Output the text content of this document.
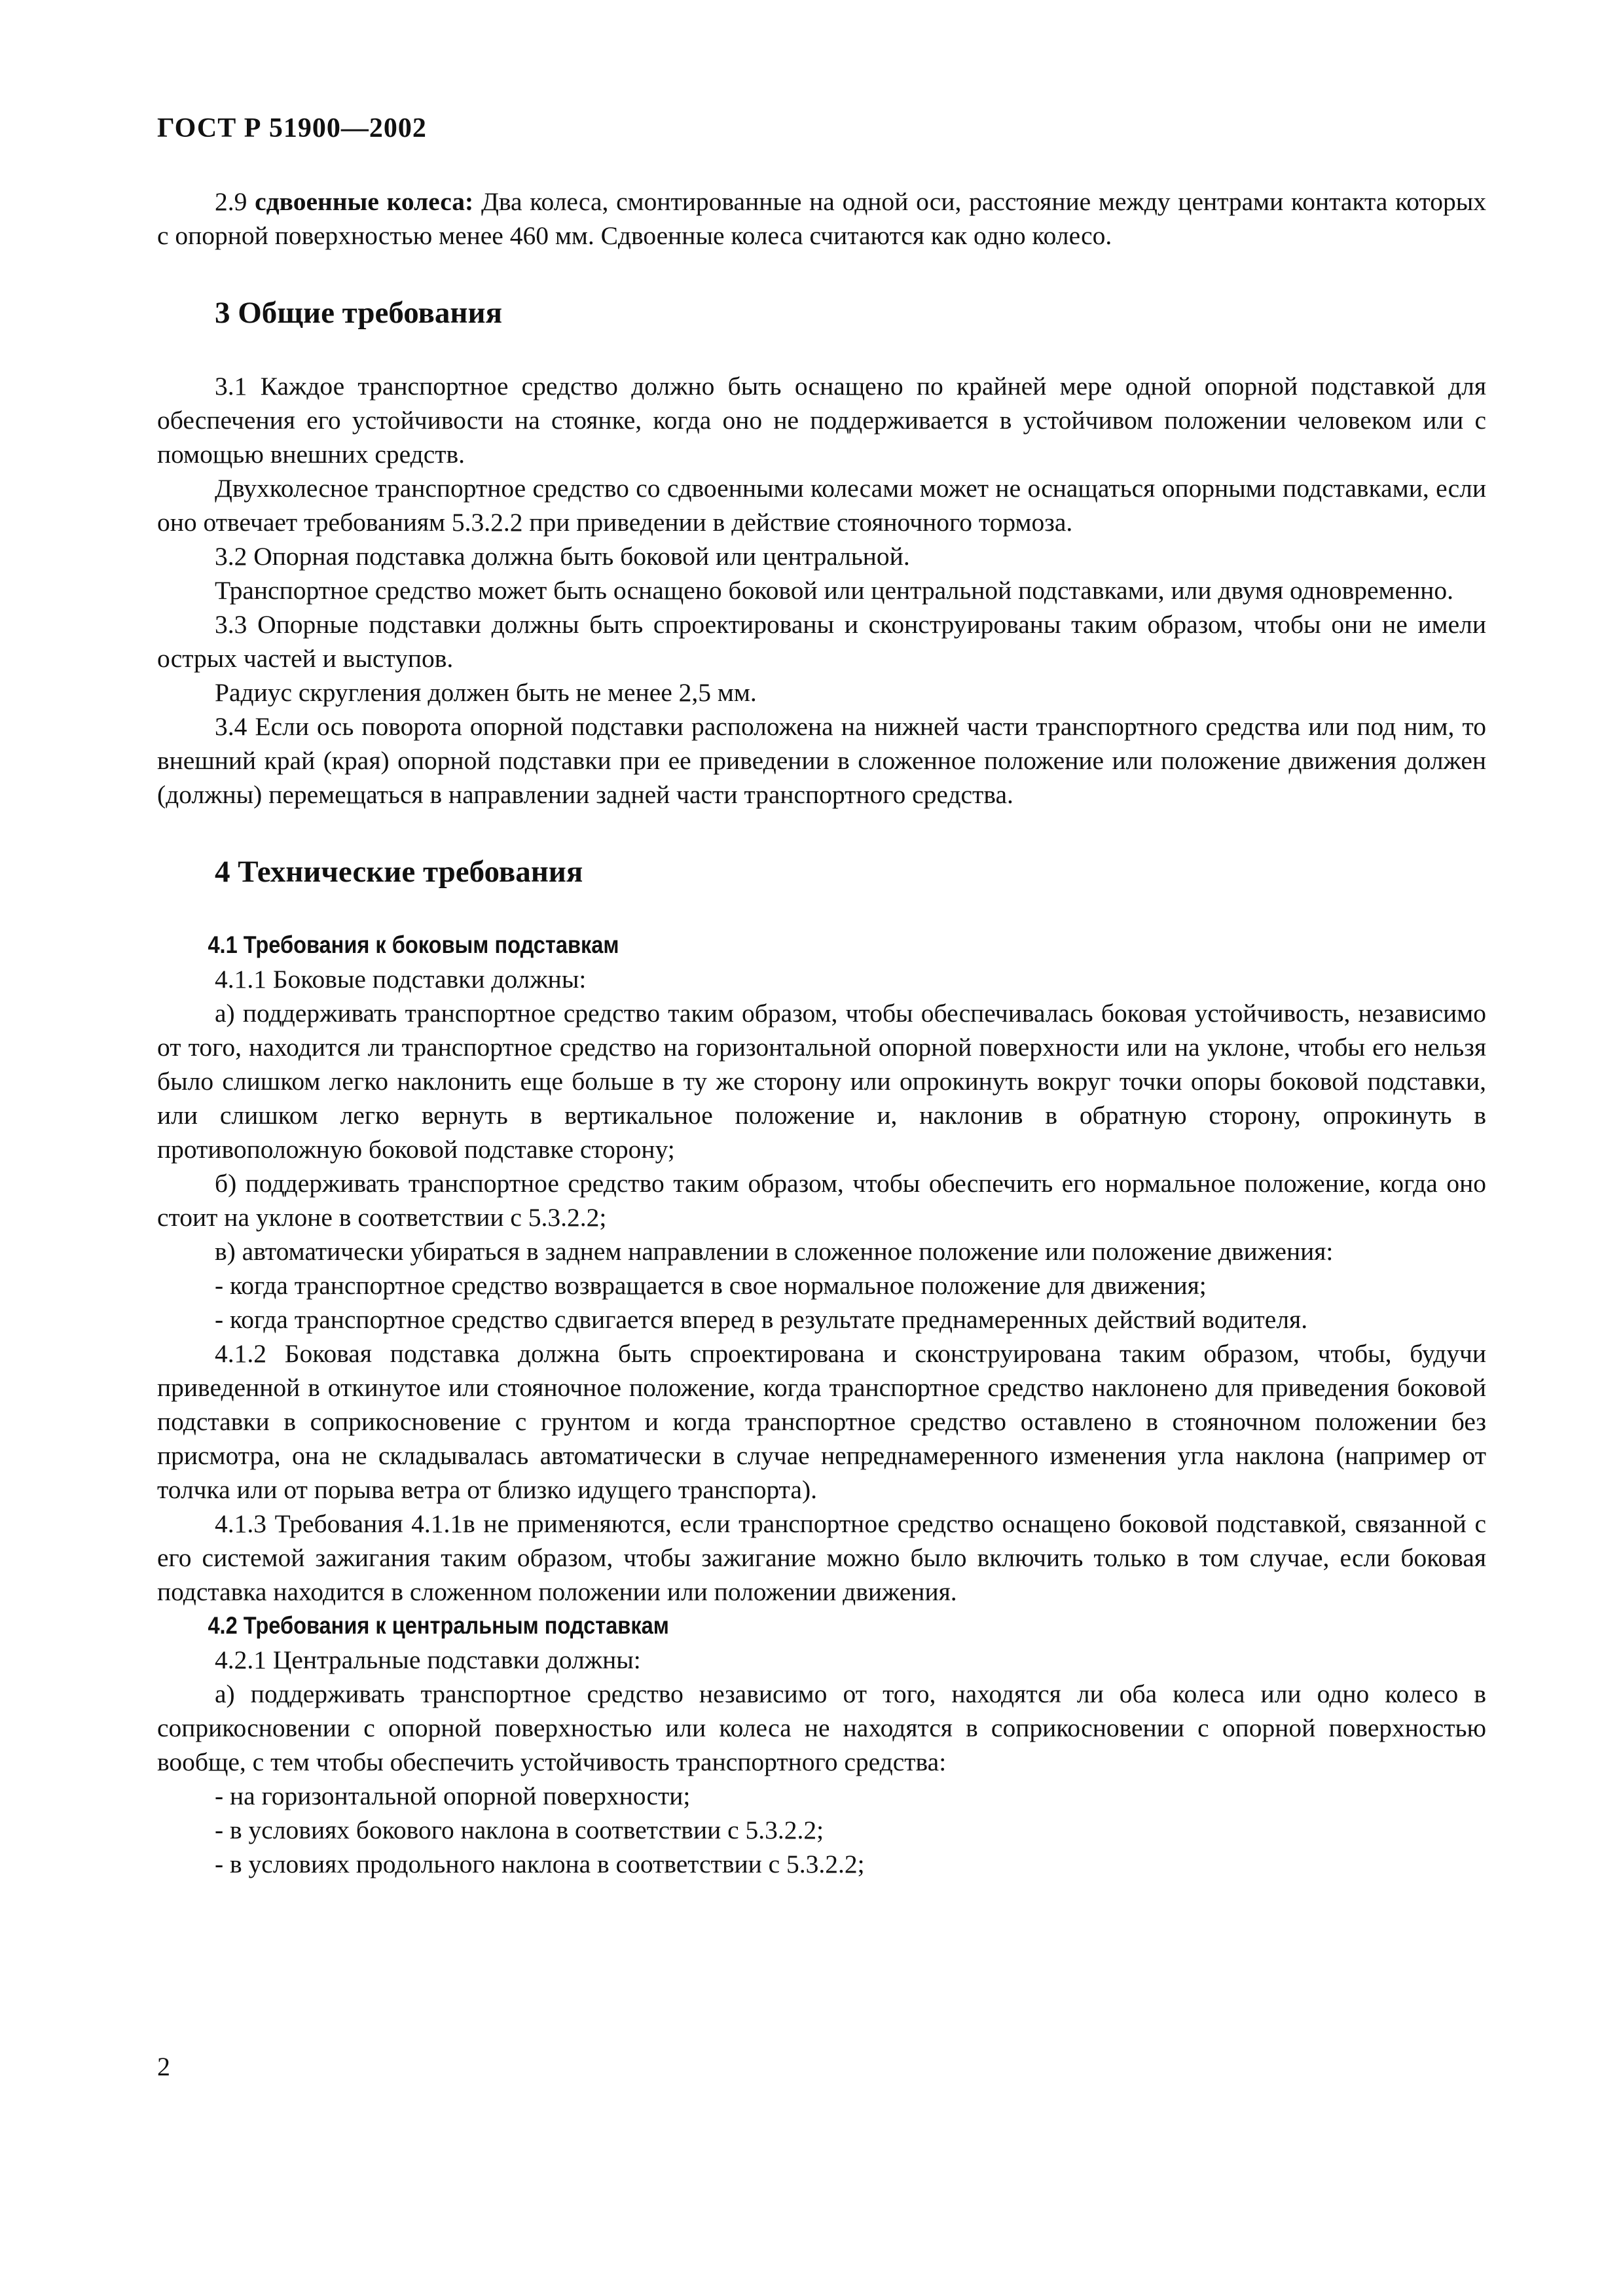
ГОСТ Р 51900—2002

2.9 сдвоенные колеса: Два колеса, смонтированные на одной оси, расстояние между центрами контакта которых с опорной поверхностью менее 460 мм. Сдвоенные колеса считаются как одно колесо.

3 Общие требования

3.1 Каждое транспортное средство должно быть оснащено по крайней мере одной опорной подставкой для обеспечения его устойчивости на стоянке, когда оно не поддерживается в устойчивом положении человеком или с помощью внешних средств.

Двухколесное транспортное средство со сдвоенными колесами может не оснащаться опорными подставками, если оно отвечает требованиям 5.3.2.2 при приведении в действие стояночного тормоза.

3.2 Опорная подставка должна быть боковой или центральной.

Транспортное средство может быть оснащено боковой или центральной подставками, или двумя одновременно.

3.3 Опорные подставки должны быть спроектированы и сконструированы таким образом, чтобы они не имели острых частей и выступов.

Радиус скругления должен быть не менее 2,5 мм.

3.4 Если ось поворота опорной подставки расположена на нижней части транспортного средства или под ним, то внешний край (края) опорной подставки при ее приведении в сложенное положение или положение движения должен (должны) перемещаться в направлении задней части транспортного средства.

4 Технические требования

4.1 Требования к боковым подставкам

4.1.1 Боковые подставки должны:

а) поддерживать транспортное средство таким образом, чтобы обеспечивалась боковая устойчивость, независимо от того, находится ли транспортное средство на горизонтальной опорной поверхности или на уклоне, чтобы его нельзя было слишком легко наклонить еще больше в ту же сторону или опрокинуть вокруг точки опоры боковой подставки, или слишком легко вернуть в вертикальное положение и, наклонив в обратную сторону, опрокинуть в противоположную боковой подставке сторону;

б) поддерживать транспортное средство таким образом, чтобы обеспечить его нормальное положение, когда оно стоит на уклоне в соответствии с 5.3.2.2;

в) автоматически убираться в заднем направлении в сложенное положение или положение движения:

- когда транспортное средство возвращается в свое нормальное положение для движения;

- когда транспортное средство сдвигается вперед в результате преднамеренных действий водителя.

4.1.2 Боковая подставка должна быть спроектирована и сконструирована таким образом, чтобы, будучи приведенной в откинутое или стояночное положение, когда транспортное средство наклонено для приведения боковой подставки в соприкосновение с грунтом и когда транспортное средство оставлено в стояночном положении без присмотра, она не складывалась автоматически в случае непреднамеренного изменения угла наклона (например от толчка или от порыва ветра от близко идущего транспорта).

4.1.3 Требования 4.1.1в не применяются, если транспортное средство оснащено боковой подставкой, связанной с его системой зажигания таким образом, чтобы зажигание можно было включить только в том случае, если боковая подставка находится в сложенном положении или положении движения.

4.2 Требования к центральным подставкам

4.2.1 Центральные подставки должны:

а) поддерживать транспортное средство независимо от того, находятся ли оба колеса или одно колесо в соприкосновении с опорной поверхностью или колеса не находятся в соприкосновении с опорной поверхностью вообще, с тем чтобы обеспечить устойчивость транспортного средства:

- на горизонтальной опорной поверхности;

- в условиях бокового наклона в соответствии с 5.3.2.2;

- в условиях продольного наклона в соответствии с 5.3.2.2;

2
